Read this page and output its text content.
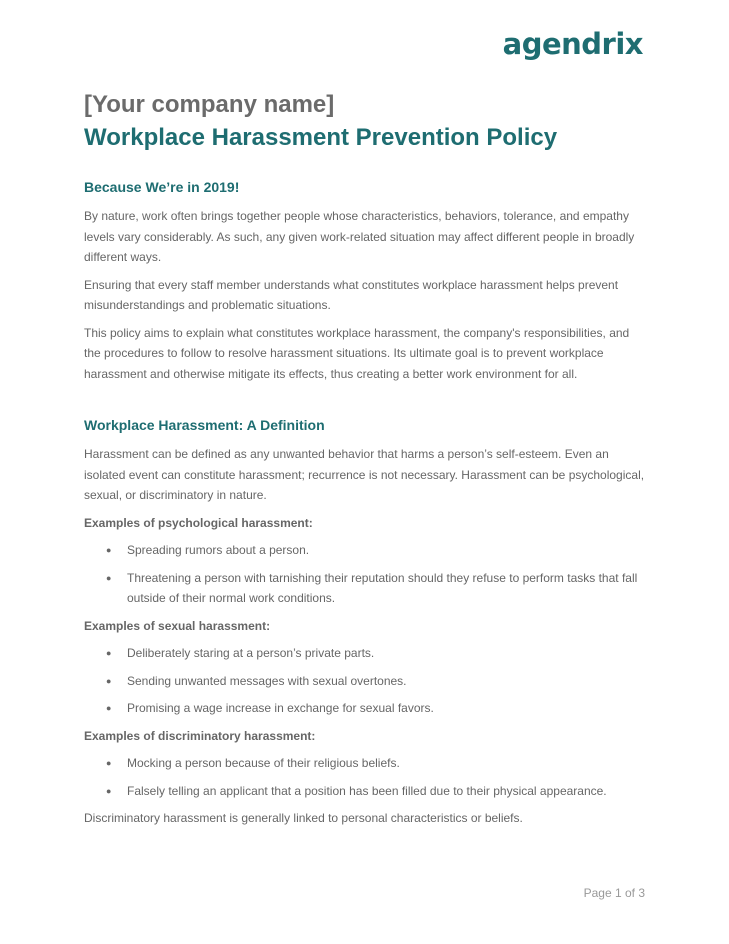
agendrix
[Your company name]
Workplace Harassment Prevention Policy
Because We’re in 2019!

By nature, work often brings together people whose characteristics, behaviors, tolerance, and empathy levels vary considerably. As such, any given work-related situation may affect different people in broadly different ways.

Ensuring that every staff member understands what constitutes workplace harassment helps prevent misunderstandings and problematic situations.

This policy aims to explain what constitutes workplace harassment, the company's responsibilities, and the procedures to follow to resolve harassment situations. Its ultimate goal is to prevent workplace harassment and otherwise mitigate its effects, thus creating a better work environment for all.

Workplace Harassment: A Definition

Harassment can be defined as any unwanted behavior that harms a person’s self-esteem. Even an isolated event can constitute harassment; recurrence is not necessary. Harassment can be psychological, sexual, or discriminatory in nature.

Examples of psychological harassment:

● Spreading rumors about a person.
● Threatening a person with tarnishing their reputation should they refuse to perform tasks that fall outside of their normal work conditions.

Examples of sexual harassment:

● Deliberately staring at a person’s private parts.
● Sending unwanted messages with sexual overtones.
● Promising a wage increase in exchange for sexual favors.

Examples of discriminatory harassment:

● Mocking a person because of their religious beliefs.
● Falsely telling an applicant that a position has been filled due to their physical appearance.

Discriminatory harassment is generally linked to personal characteristics or beliefs.

Page 1 of 3
